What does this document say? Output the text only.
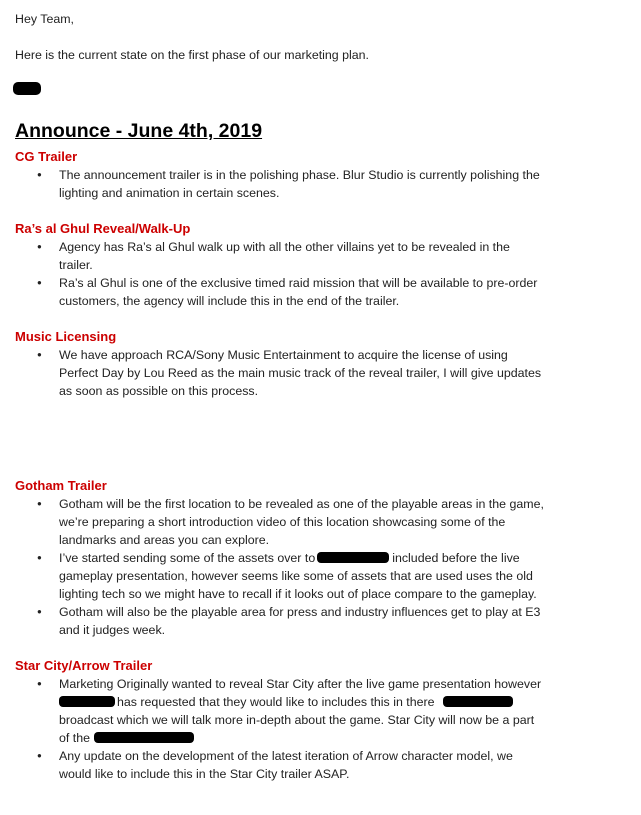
Hey Team,

Here is the current state on the first phase of our marketing plan.

Announce - June 4th, 2019
CG Trailer
● The announcement trailer is in the polishing phase. Blur Studio is currently polishing the
lighting and animation in certain scenes.
Ra’s al Ghul Reveal/Walk-Up
● Agency has Ra’s al Ghul walk up with all the other villains yet to be revealed in the
trailer.
● Ra’s al Ghul is one of the exclusive timed raid mission that will be available to pre-order
customers, the agency will include this in the end of the trailer.
Music Licensing
● We have approach RCA/Sony Music Entertainment to acquire the license of using
Perfect Day by Lou Reed as the main music track of the reveal trailer, I will give updates
as soon as possible on this process.
Gotham Trailer
● Gotham will be the first location to be revealed as one of the playable areas in the game,
we’re preparing a short introduction video of this location showcasing some of the
landmarks and areas you can explore.
● I’ve started sending some of the assets over to	included before the live
gameplay presentation, however seems like some of assets that are used uses the old
lighting tech so we might have to recall if it looks out of place compare to the gameplay.
● Gotham will also be the playable area for press and industry influences get to play at E3
and it judges week.
Star City/Arrow Trailer
● Marketing Originally wanted to reveal Star City after the live game presentation however
has requested that they would like to includes this in there
broadcast which we will talk more in-depth about the game. Star City will now be a part
of the
● Any update on the development of the latest iteration of Arrow character model, we
would like to include this in the Star City trailer ASAP.
